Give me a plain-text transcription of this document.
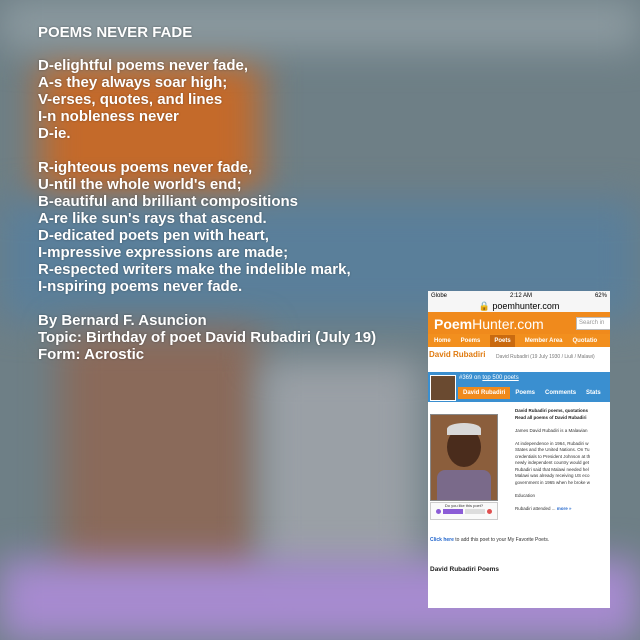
POEMS NEVER FADE
D-elightful poems never fade,
A-s they always soar high;
V-erses, quotes, and lines
I-n nobleness never
D-ie.
R-ighteous poems never fade,
U-ntil the whole world's end;
B-eautiful and brilliant compositions
A-re like sun's rays that ascend.
D-edicated poets pen with heart,
I-mpressive expressions are made;
R-espected writers make the indelible mark,
I-nspiring poems never fade.
By Bernard F. Asuncion
Topic: Birthday of poet David Rubadiri (July 19)
Form: Acrostic
Globe	2:12 AM	62%
🔒 poemhunter.com
PoemHunter.com	Search in
Home Poems	Poets	Member Area Quotatio
David Rubadiri David Rubadiri (19 July 1930 / Liuli / Malawi)
#369 on top 500 poets
David Rubadiri	Poems	Comments	Stats
Do you like this poet?
David Rubadiri poems, quotations
Read all poems of David Rubadiri

James David Rubadiri is a Malawian

At independence in 1964, Rubadiri w
States and the United Nations. On Tu
credentials to President Johnson at th
newly independent country would get
Rubadiri said that Malawi needed hel
Malawi was already receiving US eco
government in 1965 when he broke w

Education

Rubadiri attended ... more »
Click here to add this poet to your My Favorite Poets.
David Rubadiri Poems
